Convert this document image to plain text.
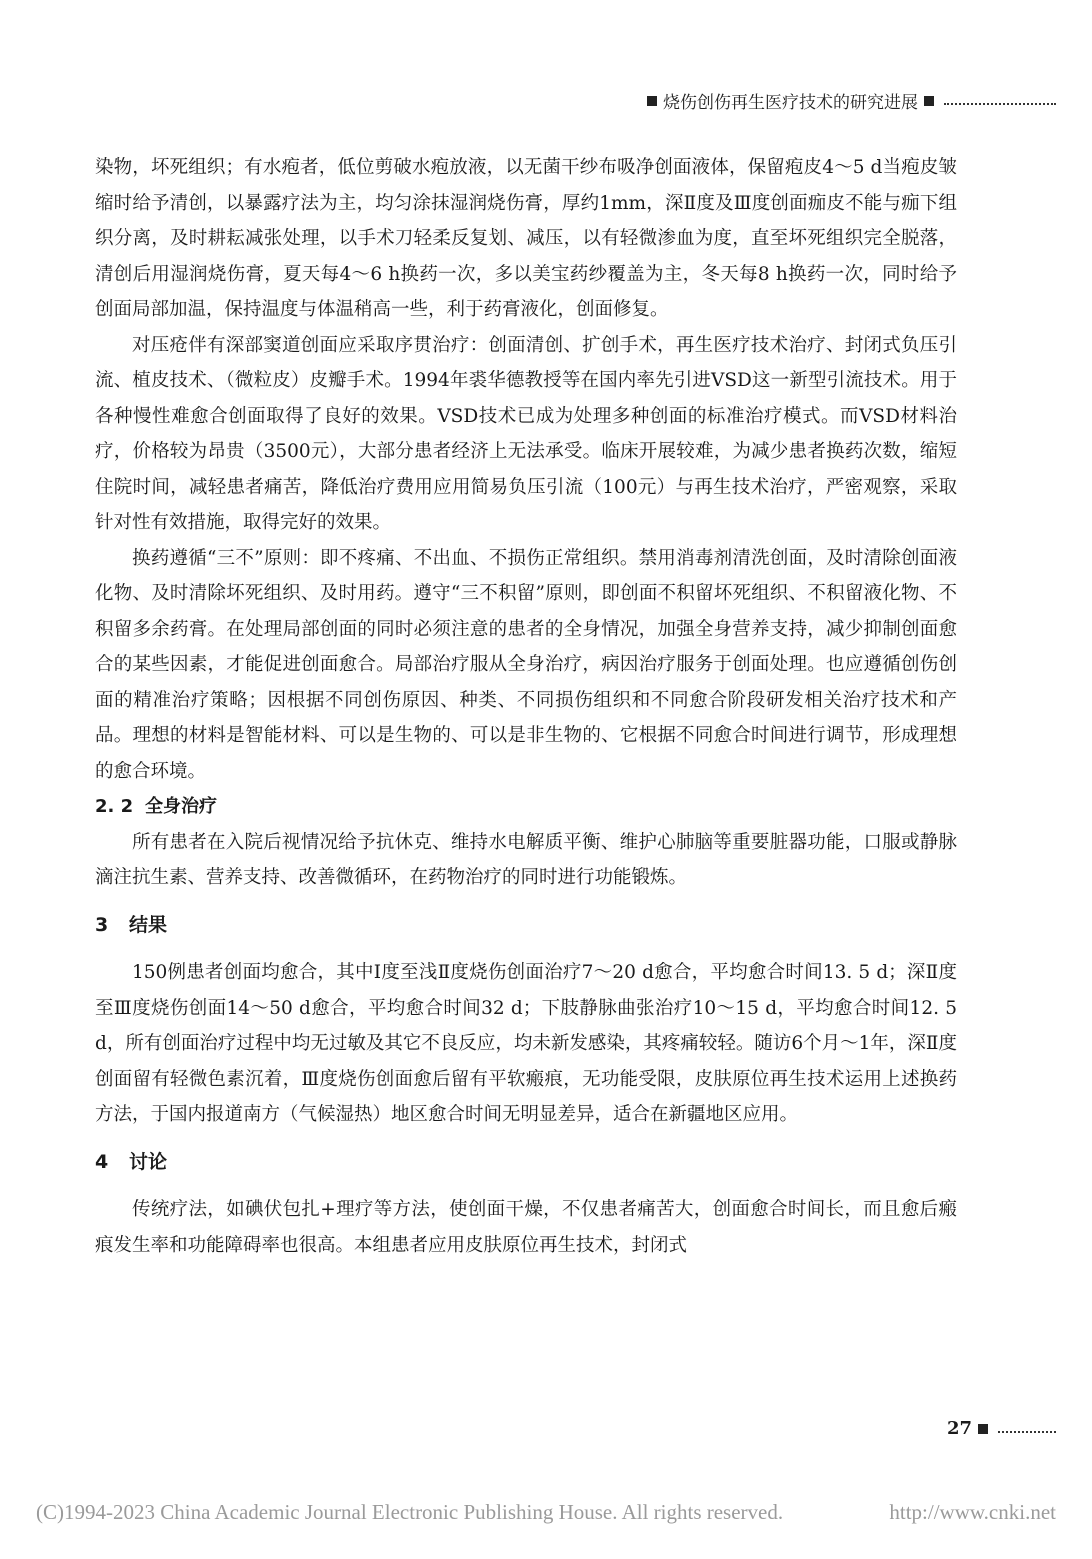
烧伤创伤再生医疗技术的研究进展

染物，坏死组织；有水疱者，低位剪破水疱放液，以无菌干纱布吸净创面液体，保留疱皮4～5 d当疱皮皱缩时给予清创，以暴露疗法为主，均匀涂抹湿润烧伤膏，厚约1mm，深Ⅱ度及Ⅲ度创面痂皮不能与痂下组织分离，及时耕耘减张处理，以手术刀轻柔反复划、减压，以有轻微渗血为度，直至坏死组织完全脱落，清创后用湿润烧伤膏，夏天每4～6 h换药一次，多以美宝药纱覆盖为主，冬天每8 h换药一次，同时给予创面局部加温，保持温度与体温稍高一些，利于药膏液化，创面修复。

对压疮伴有深部窦道创面应采取序贯治疗：创面清创、扩创手术，再生医疗技术治疗、封闭式负压引流、植皮技术、（微粒皮）皮瓣手术。1994年裘华德教授等在国内率先引进VSD这一新型引流技术。用于各种慢性难愈合创面取得了良好的效果。VSD技术已成为处理多种创面的标准治疗模式。而VSD材料治疗，价格较为昂贵（3500元），大部分患者经济上无法承受。临床开展较难，为减少患者换药次数，缩短住院时间，减轻患者痛苦，降低治疗费用应用简易负压引流（100元）与再生技术治疗，严密观察，采取针对性有效措施，取得完好的效果。

换药遵循“三不”原则：即不疼痛、不出血、不损伤正常组织。禁用消毒剂清洗创面，及时清除创面液化物、及时清除坏死组织、及时用药。遵守“三不积留”原则，即创面不积留坏死组织、不积留液化物、不积留多余药膏。在处理局部创面的同时必须注意的患者的全身情况，加强全身营养支持，减少抑制创面愈合的某些因素，才能促进创面愈合。局部治疗服从全身治疗，病因治疗服务于创面处理。也应遵循创伤创面的精准治疗策略；因根据不同创伤原因、种类、不同损伤组织和不同愈合阶段研发相关治疗技术和产品。理想的材料是智能材料、可以是生物的、可以是非生物的、它根据不同愈合时间进行调节，形成理想的愈合环境。

2. 2 全身治疗

所有患者在入院后视情况给予抗休克、维持水电解质平衡、维护心肺脑等重要脏器功能，口服或静脉滴注抗生素、营养支持、改善微循环，在药物治疗的同时进行功能锻炼。

3 结果

150例患者创面均愈合，其中Ⅰ度至浅Ⅱ度烧伤创面治疗7～20 d愈合，平均愈合时间13. 5 d；深Ⅱ度至Ⅲ度烧伤创面14～50 d愈合，平均愈合时间32 d；下肢静脉曲张治疗10～15 d，平均愈合时间12. 5 d，所有创面治疗过程中均无过敏及其它不良反应，均未新发感染，其疼痛较轻。随访6个月～1年，深Ⅱ度创面留有轻微色素沉着，Ⅲ度烧伤创面愈后留有平软瘢痕，无功能受限，皮肤原位再生技术运用上述换药方法，于国内报道南方（气候湿热）地区愈合时间无明显差异，适合在新疆地区应用。

4 讨论

传统疗法，如碘伏包扎+理疗等方法，使创面干燥，不仅患者痛苦大，创面愈合时间长，而且愈后瘢痕发生率和功能障碍率也很高。本组患者应用皮肤原位再生技术，封闭式

27
(C)1994-2023 China Academic Journal Electronic Publishing House. All rights reserved.	http://www.cnki.net
